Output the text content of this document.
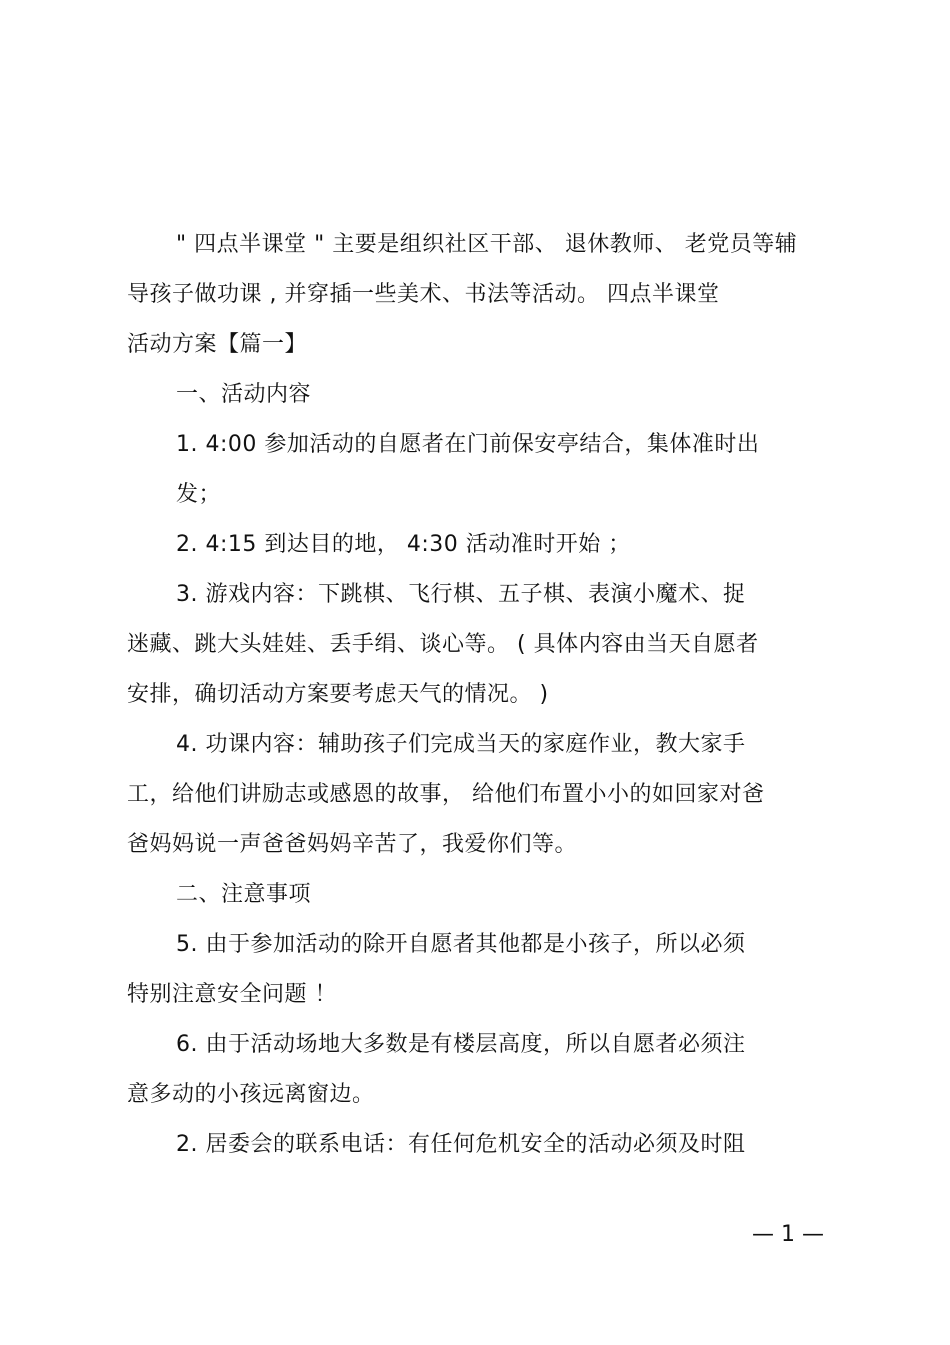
" 四点半课堂 " 主要是组织社区干部、 退休教师、 老党员等辅
导孩子做功课 , 并穿插一些美术、书法等活动。 四点半课堂
活动方案【篇一】
一、活动内容
1. 4:00 参加活动的自愿者在门前保安亭结合，集体准时出
发；
2. 4:15 到达目的地， 4:30 活动准时开始 ；
3. 游戏内容：下跳棋、飞行棋、五子棋、表演小魔术、捉
迷藏、跳大头娃娃、丢手绢、谈心等。 ( 具体内容由当天自愿者
安排，确切活动方案要考虑天气的情况。 )
4. 功课内容：辅助孩子们完成当天的家庭作业，教大家手
工，给他们讲励志或感恩的故事， 给他们布置小小的如回家对爸
爸妈妈说一声爸爸妈妈辛苦了，我爱你们等。
二、注意事项
5. 由于参加活动的除开自愿者其他都是小孩子，所以必须
特别注意安全问题 ！
6. 由于活动场地大多数是有楼层高度，所以自愿者必须注
意多动的小孩远离窗边。
2. 居委会的联系电话：有任何危机安全的活动必须及时阻
— 1 —
